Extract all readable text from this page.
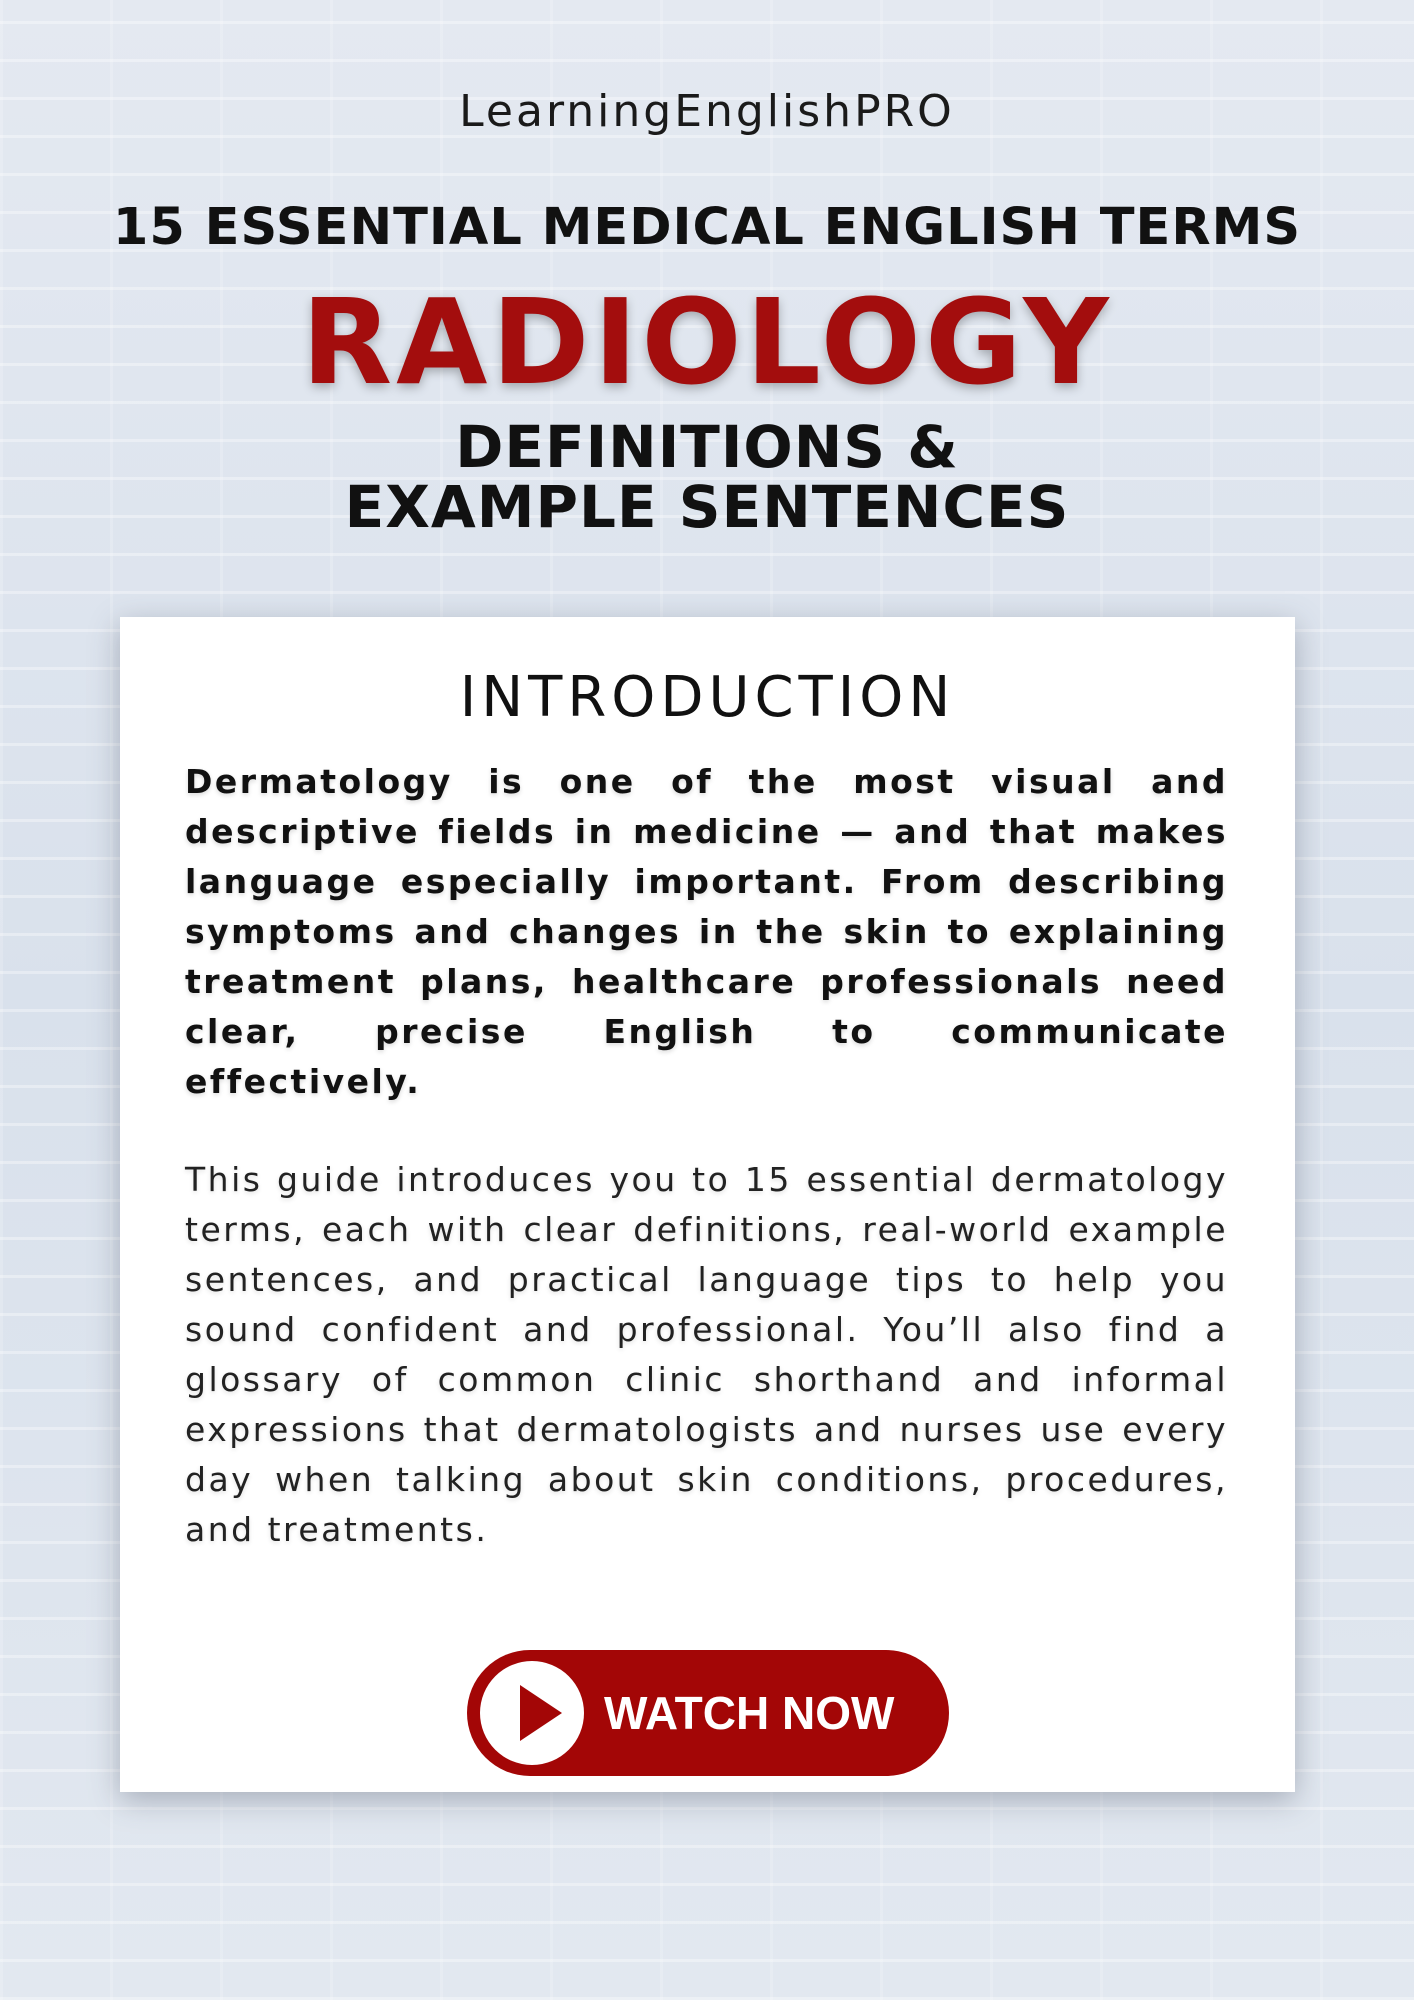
LearningEnglishPRO
15 ESSENTIAL MEDICAL ENGLISH TERMS
RADIOLOGY
DEFINITIONS &
EXAMPLE SENTENCES
INTRODUCTION
Dermatology is one of the most visual and descriptive fields in medicine — and that makes language especially important. From describing symptoms and changes in the skin to explaining treatment plans, healthcare professionals need clear, precise English to communicate effectively.
This guide introduces you to 15 essential dermatology terms, each with clear definitions, real-world example sentences, and practical language tips to help you sound confident and professional. You’ll also find a glossary of common clinic shorthand and informal expressions that dermatologists and nurses use every day when talking about skin conditions, procedures, and treatments.
WATCH NOW
